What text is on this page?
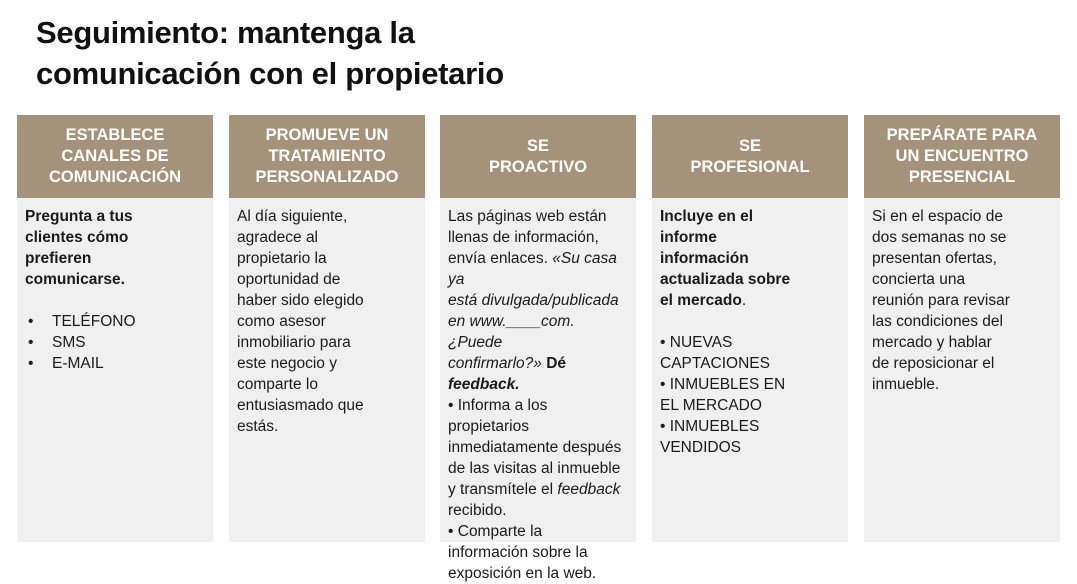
Seguimiento: mantenga la
comunicación con el propietario
ESTABLECE
CANALES DE
COMUNICACIÓN

Pregunta a tus
clientes cómo
prefieren
comunicarse.

• TELÉFONO
• SMS
• E-MAIL
PROMUEVE UN
TRATAMIENTO
PERSONALIZADO

Al día siguiente,
agradece al
propietario la
oportunidad de
haber sido elegido
como asesor
inmobiliario para
este negocio y
comparte lo
entusiasmado que
estás.

SE
PROACTIVO

Las páginas web están
llenas de información,
envía enlaces. «Su casa ya
está divulgada/publicada
en www.____com. ¿Puede
confirmarlo?» Dé
feedback.
• Informa a los
propietarios
inmediatamente después
de las visitas al inmueble
y transmítele el feedback
recibido.
• Comparte la
información sobre la
exposición en la web.

SE
PROFESIONAL

Incluye en el
informe
información
actualizada sobre
el mercado.

• NUEVAS
CAPTACIONES
• INMUEBLES EN
EL MERCADO
• INMUEBLES
VENDIDOS

PREPÁRATE PARA
UN ENCUENTRO
PRESENCIAL

Si en el espacio de
dos semanas no se
presentan ofertas,
concierta una
reunión para revisar
las condiciones del
mercado y hablar
de reposicionar el
inmueble.
